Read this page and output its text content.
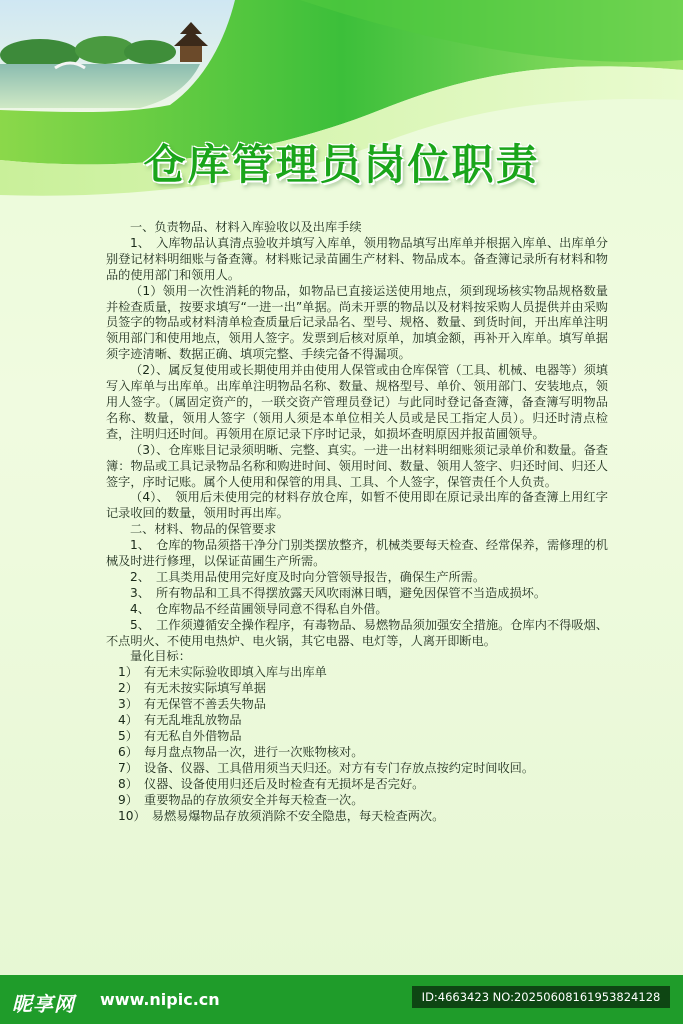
仓库管理员岗位职责

一、负责物品、材料入库验收以及出库手续

1、　入库物品认真清点验收并填写入库单，领用物品填写出库单并根据入库单、出库单分别登记材料明细账与备查簿。材料账记录苗圃生产材料、物品成本。备查簿记录所有材料和物品的使用部门和领用人。

（1）领用一次性消耗的物品，如物品已直接运送使用地点，须到现场核实物品规格数量并检查质量，按要求填写“一进一出”单据。尚未开票的物品以及材料按采购人员提供并由采购员签字的物品或材料清单检查质量后记录品名、型号、规格、数量、到货时间，开出库单注明领用部门和使用地点，领用人签字。发票到后核对原单，加填金额，再补开入库单。填写单据须字迹清晰、数据正确、填项完整、手续完备不得漏项。

（2）、属反复使用或长期使用并由使用人保管或由仓库保管（工具、机械、电器等）须填写入库单与出库单。出库单注明物品名称、数量、规格型号、单价、领用部门、安装地点，领用人签字。（属固定资产的，一联交资产管理员登记）与此同时登记备查簿，备查簿写明物品名称、数量，领用人签字（领用人须是本单位相关人员或是民工指定人员）。归还时清点检查，注明归还时间。再领用在原记录下序时记录，如损坏查明原因并报苗圃领导。

（3）、仓库账目记录须明晰、完整、真实。一进一出材料明细账须记录单价和数量。备查簿：物品或工具记录物品名称和购进时间、领用时间、数量、领用人签字、归还时间、归还人签字，序时记账。属个人使用和保管的用具、工具、个人签字，保管责任个人负责。

（4）、　领用后未使用完的材料存放仓库，如暂不使用即在原记录出库的备查簿上用红字记录收回的数量，领用时再出库。

二、材料、物品的保管要求

1、　仓库的物品须搭干净分门别类摆放整齐，机械类要每天检查、经常保养，需修理的机械及时进行修理，以保证苗圃生产所需。

2、　工具类用品使用完好度及时向分管领导报告，确保生产所需。

3、　所有物品和工具不得摆放露天风吹雨淋日晒，避免因保管不当造成损坏。

4、　仓库物品不经苗圃领导同意不得私自外借。

5、　工作须遵循安全操作程序，有毒物品、易燃物品须加强安全措施。仓库内不得吸烟、不点明火、不使用电热炉、电火锅，其它电器、电灯等，人离开即断电。

量化目标：

1）　有无未实际验收即填入库与出库单

2）　有无未按实际填写单据

3）　有无保管不善丢失物品

4）　有无乱堆乱放物品

5）　有无私自外借物品

6）　每月盘点物品一次，进行一次账物核对。

7）　设备、仪器、工具借用须当天归还。对方有专门存放点按约定时间收回。

8）　仪器、设备使用归还后及时检查有无损坏是否完好。

9）　重要物品的存放须安全并每天检查一次。

10）　易燃易爆物品存放须消除不安全隐患，每天检查两次。

昵享网 www.nipic.cn	ID:4663423 NO:20250608161953824128
